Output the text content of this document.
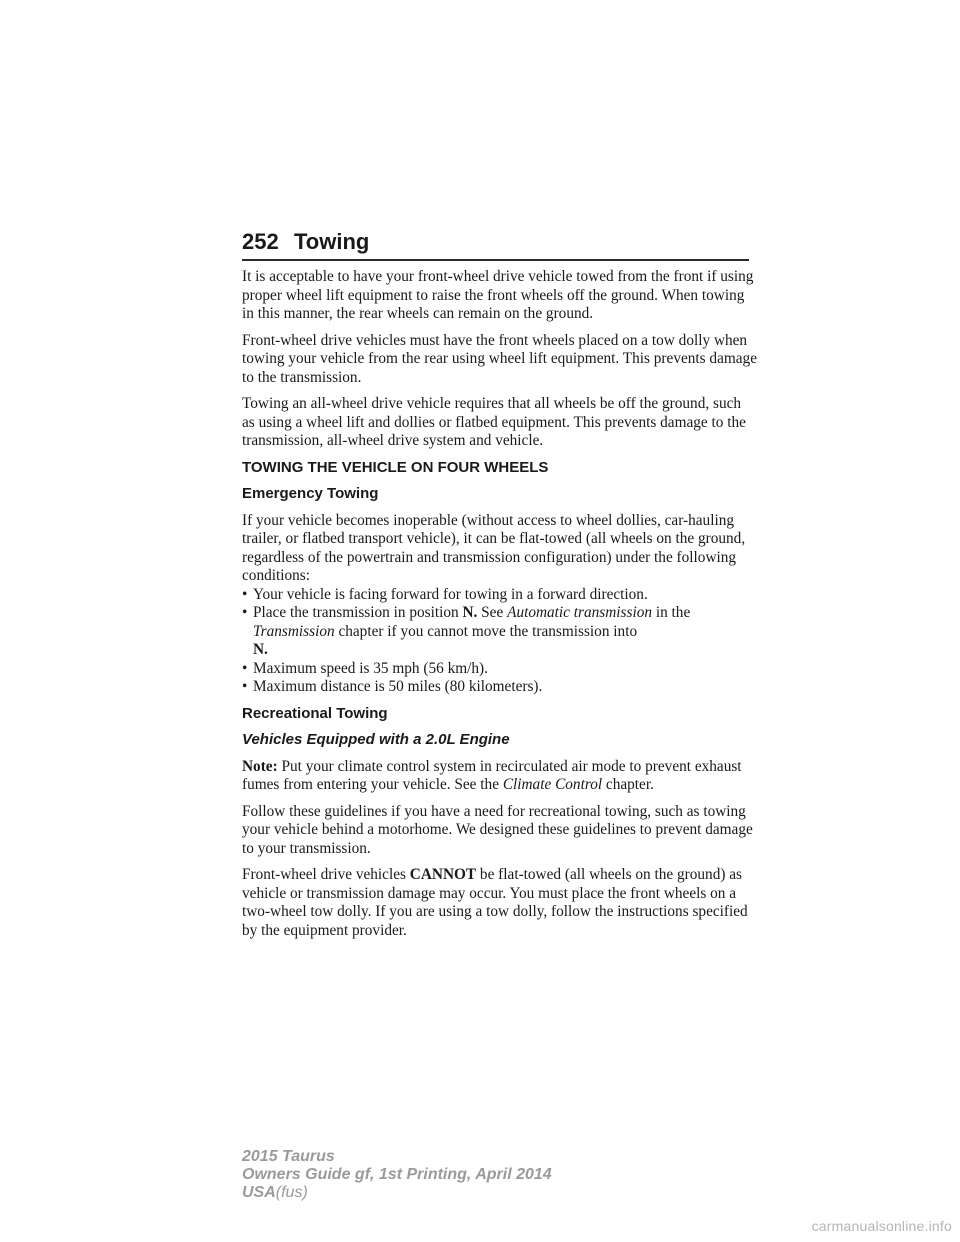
252 Towing

It is acceptable to have your front-wheel drive vehicle towed from the front if using proper wheel lift equipment to raise the front wheels off the ground. When towing in this manner, the rear wheels can remain on the ground.

Front-wheel drive vehicles must have the front wheels placed on a tow dolly when towing your vehicle from the rear using wheel lift equipment. This prevents damage to the transmission.

Towing an all-wheel drive vehicle requires that all wheels be off the ground, such as using a wheel lift and dollies or flatbed equipment. This prevents damage to the transmission, all-wheel drive system and vehicle.

TOWING THE VEHICLE ON FOUR WHEELS
Emergency Towing

If your vehicle becomes inoperable (without access to wheel dollies, car-hauling trailer, or flatbed transport vehicle), it can be flat-towed (all wheels on the ground, regardless of the powertrain and transmission configuration) under the following conditions:

• Your vehicle is facing forward for towing in a forward direction.
• Place the transmission in position N. See Automatic transmission in the Transmission chapter if you cannot move the transmission into
N.
• Maximum speed is 35 mph (56 km/h).
• Maximum distance is 50 miles (80 kilometers).
Recreational Towing
Vehicles Equipped with a 2.0L Engine

Note: Put your climate control system in recirculated air mode to prevent exhaust fumes from entering your vehicle. See the Climate Control chapter.

Follow these guidelines if you have a need for recreational towing, such as towing your vehicle behind a motorhome. We designed these guidelines to prevent damage to your transmission.

Front-wheel drive vehicles CANNOT be flat-towed (all wheels on the ground) as vehicle or transmission damage may occur. You must place the front wheels on a two-wheel tow dolly. If you are using a tow dolly, follow the instructions specified by the equipment provider.

2015 Taurus
Owners Guide gf, 1st Printing, April 2014
USA(fus)
carmanualsonline.info
